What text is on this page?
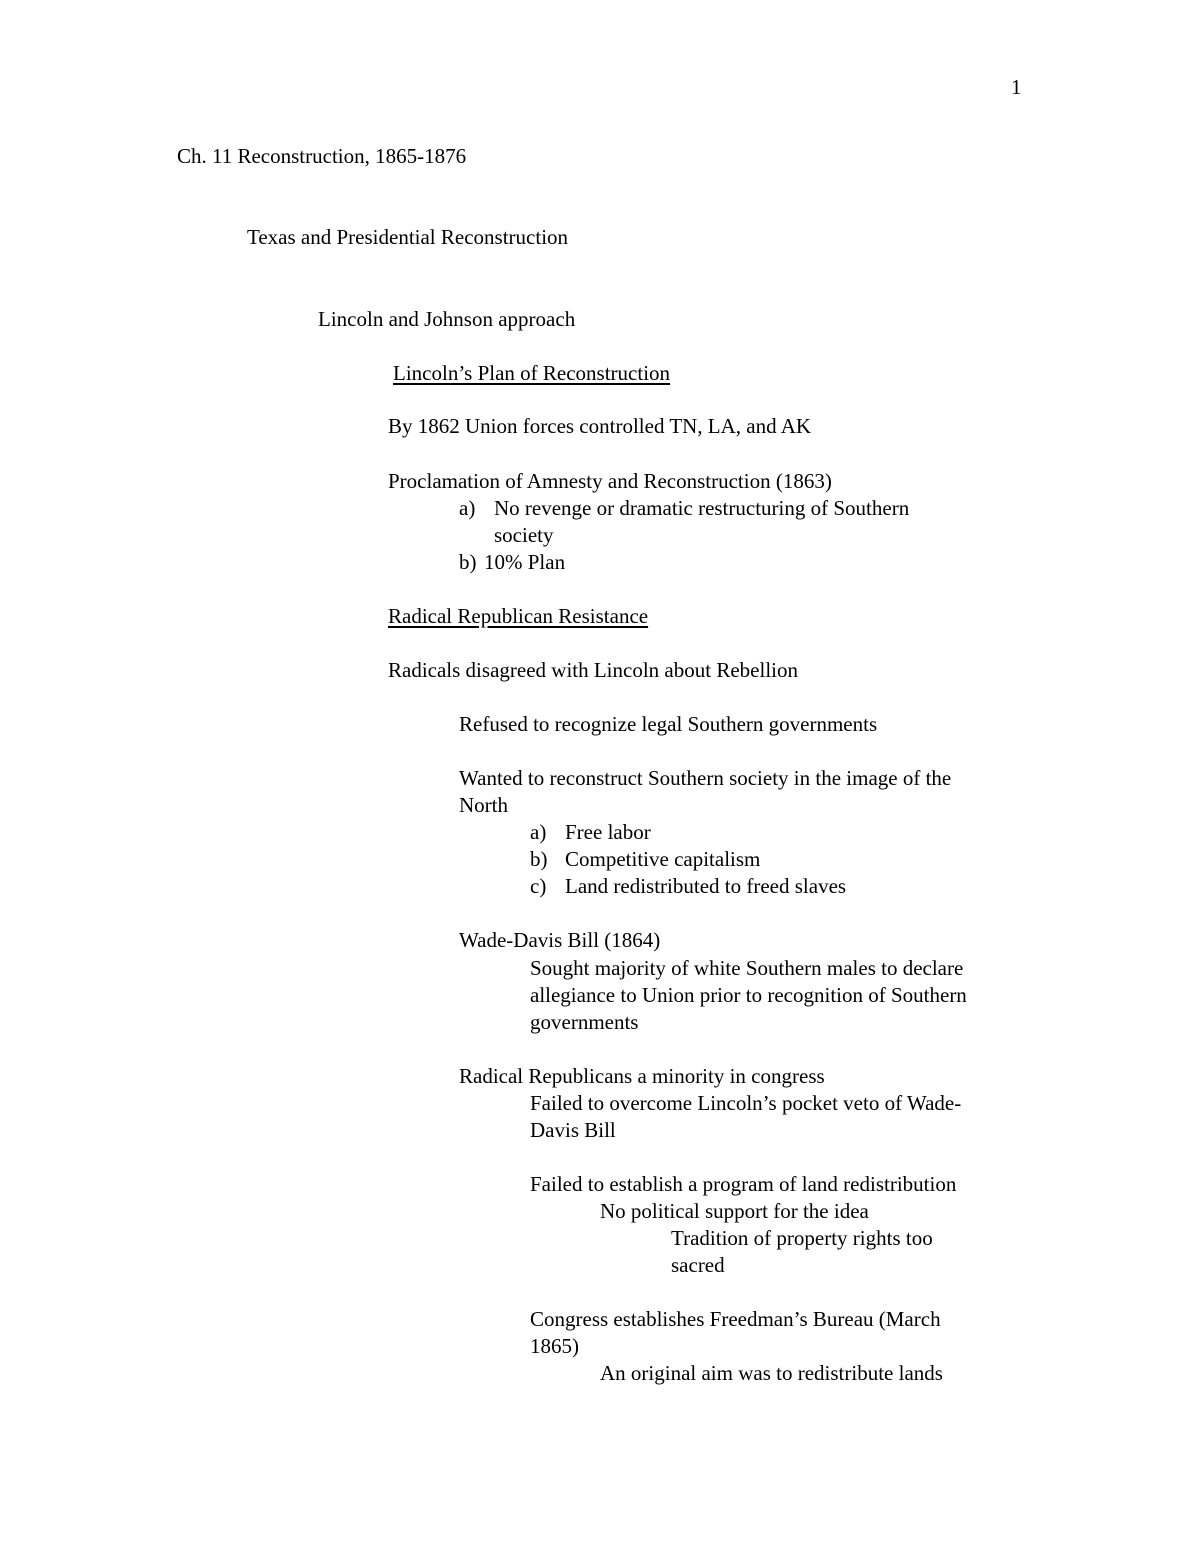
1
Ch. 11 Reconstruction, 1865-1876
Texas and Presidential Reconstruction
Lincoln and Johnson approach
Lincoln’s Plan of Reconstruction
By 1862 Union forces controlled TN, LA, and AK
Proclamation of Amnesty and Reconstruction (1863)
a) No revenge or dramatic restructuring of Southern
society
b) 10% Plan
Radical Republican Resistance
Radicals disagreed with Lincoln about Rebellion
Refused to recognize legal Southern governments
Wanted to reconstruct Southern society in the image of the
North
a) Free labor
b) Competitive capitalism
c) Land redistributed to freed slaves
Wade-Davis Bill (1864)
Sought majority of white Southern males to declare
allegiance to Union prior to recognition of Southern
governments
Radical Republicans a minority in congress
Failed to overcome Lincoln’s pocket veto of Wade-
Davis Bill
Failed to establish a program of land redistribution
No political support for the idea
Tradition of property rights too
sacred
Congress establishes Freedman’s Bureau (March
1865)
An original aim was to redistribute lands
